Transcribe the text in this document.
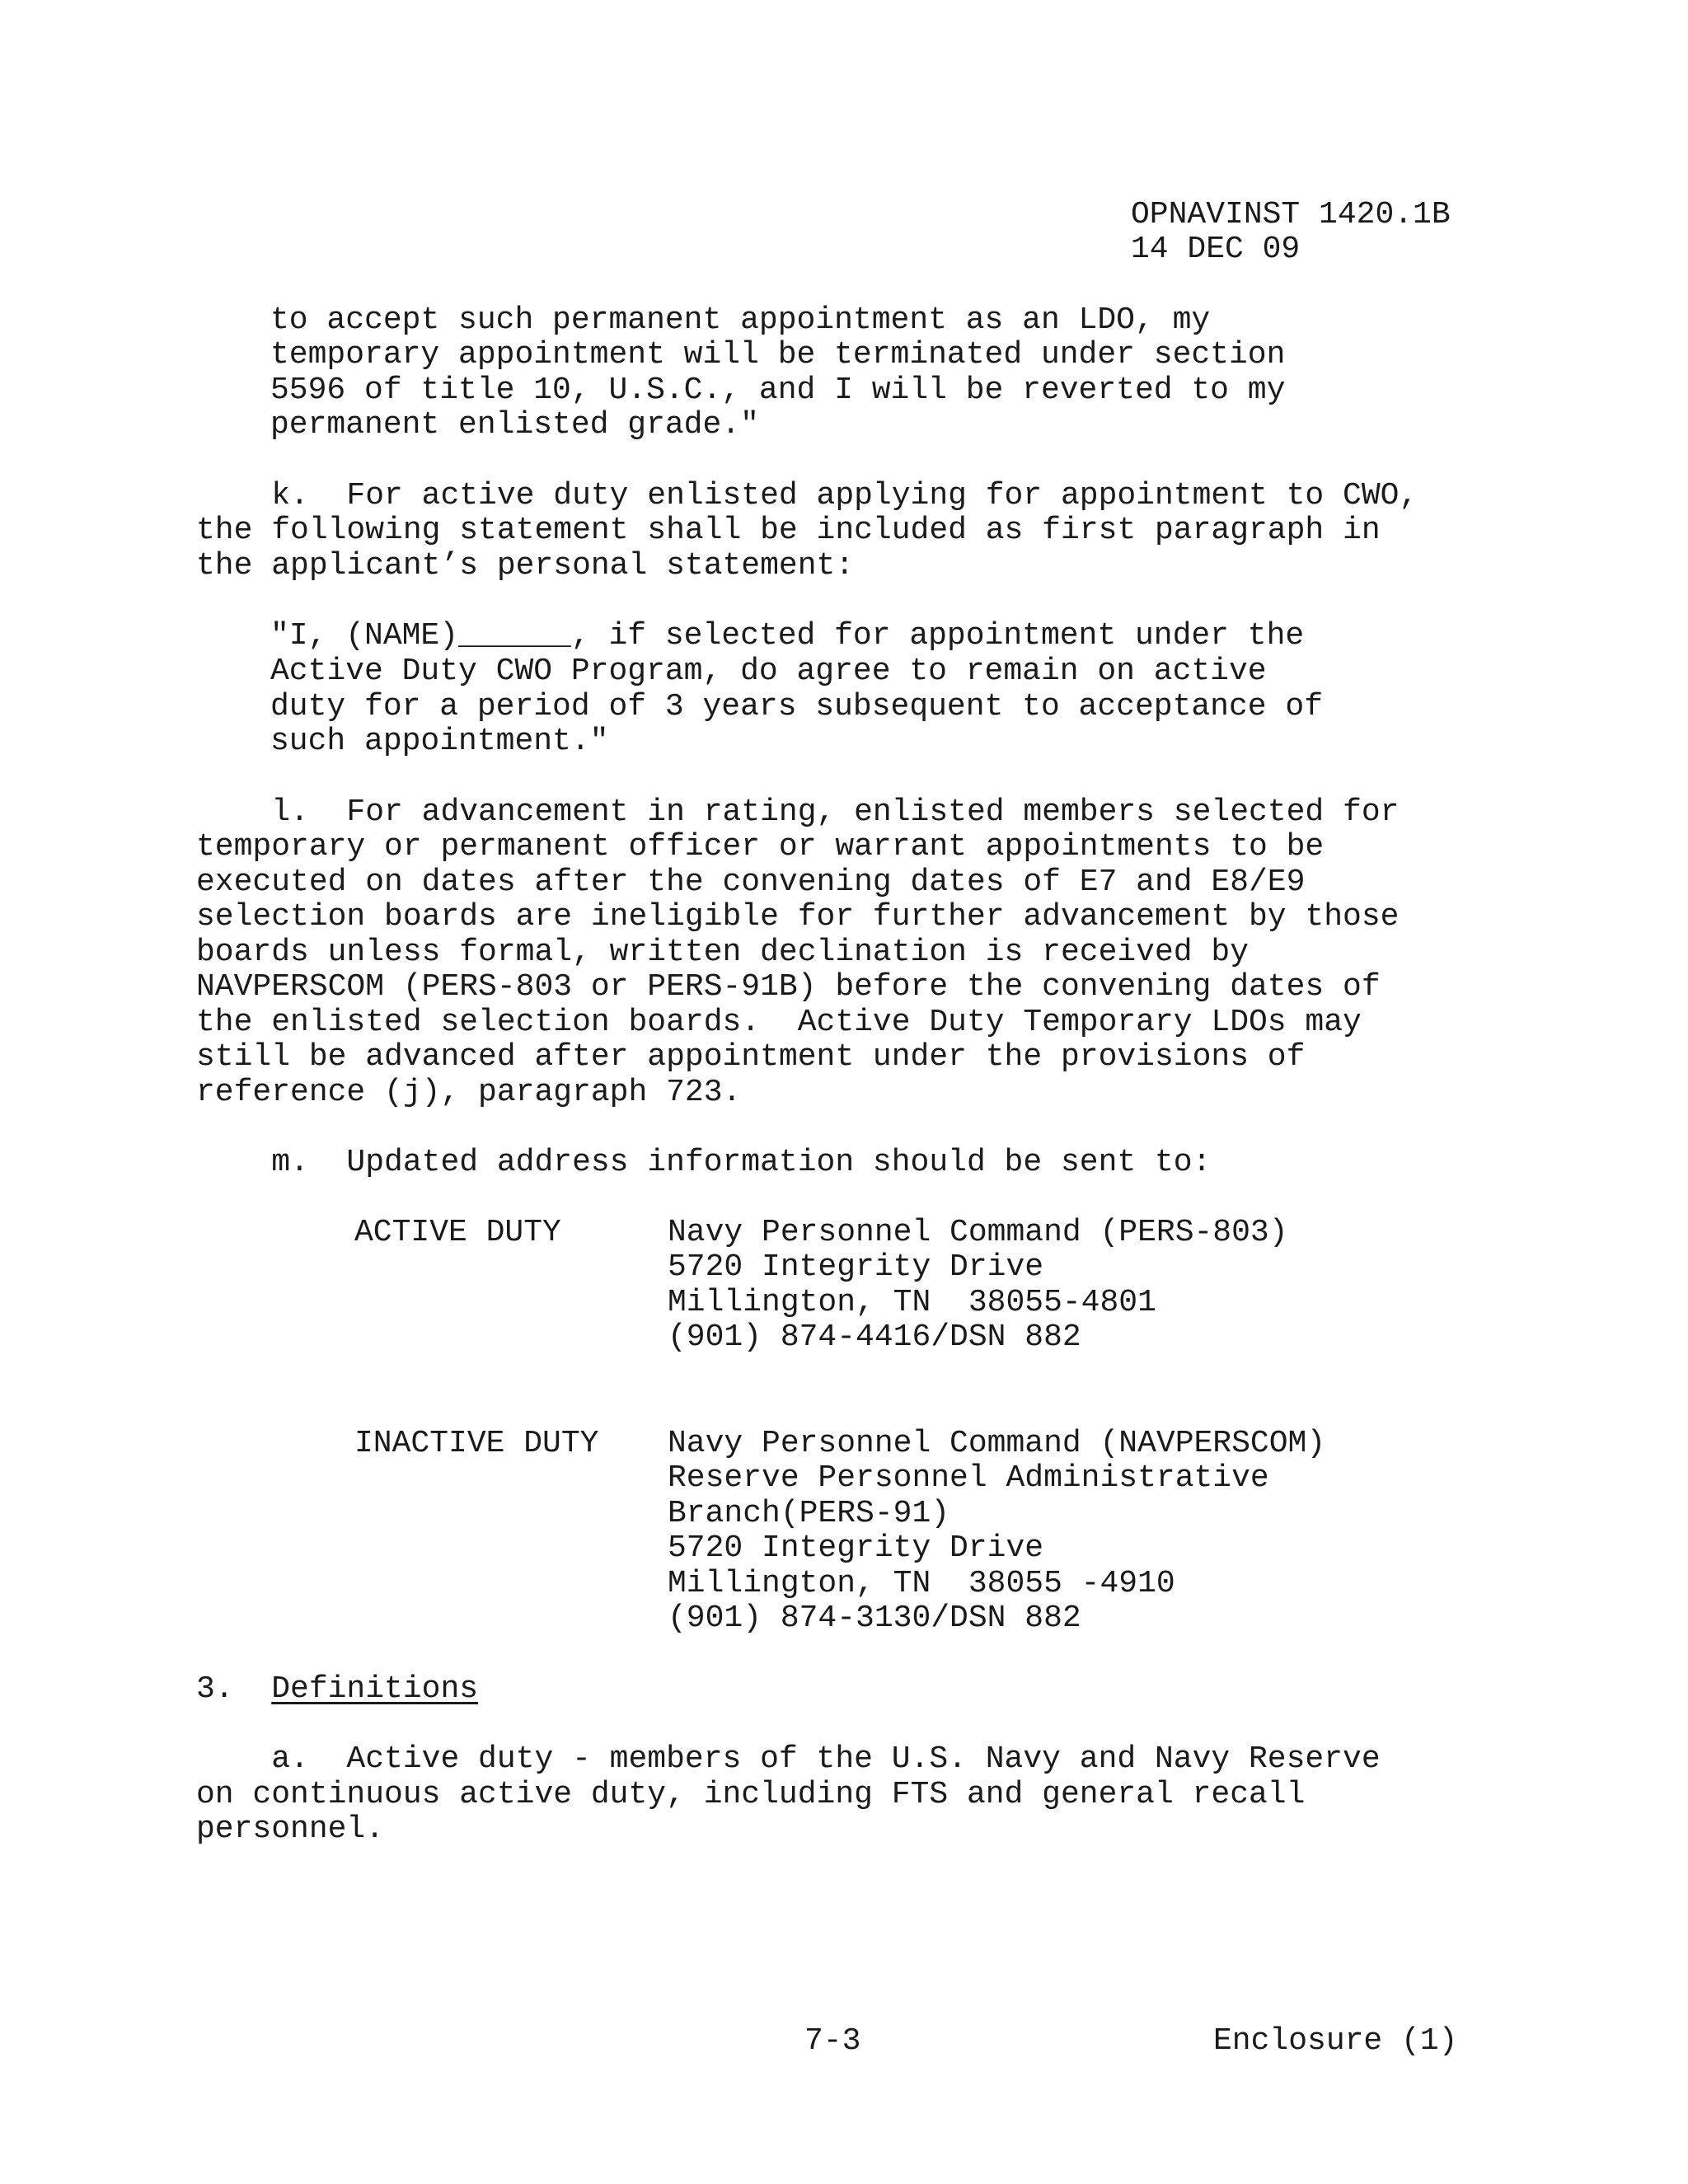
OPNAVINST 1420.1B

14 DEC 09

to accept such permanent appointment as an LDO, my

temporary appointment will be terminated under section

5596 of title 10, U.S.C., and I will be reverted to my

permanent enlisted grade."

k.  For active duty enlisted applying for appointment to CWO,

the following statement shall be included as first paragraph in

the applicant’s personal statement:

"I, (NAME)______, if selected for appointment under the

Active Duty CWO Program, do agree to remain on active

duty for a period of 3 years subsequent to acceptance of

such appointment."

l.  For advancement in rating, enlisted members selected for

temporary or permanent officer or warrant appointments to be

executed on dates after the convening dates of E7 and E8/E9

selection boards are ineligible for further advancement by those

boards unless formal, written declination is received by

NAVPERSCOM (PERS-803 or PERS-91B) before the convening dates of

the enlisted selection boards.  Active Duty Temporary LDOs may

still be advanced after appointment under the provisions of

reference (j), paragraph 723.

m.  Updated address information should be sent to:

ACTIVE DUTY	Navy Personnel Command (PERS-803)

5720 Integrity Drive

Millington, TN  38055-4801

(901) 874-4416/DSN 882

INACTIVE DUTY Navy Personnel Command (NAVPERSCOM)

Reserve Personnel Administrative

Branch(PERS-91)

5720 Integrity Drive

Millington, TN  38055 -4910

(901) 874-3130/DSN 882

3.  Definitions

a.  Active duty - members of the U.S. Navy and Navy Reserve

on continuous active duty, including FTS and general recall

personnel.

7-3	Enclosure (1)
